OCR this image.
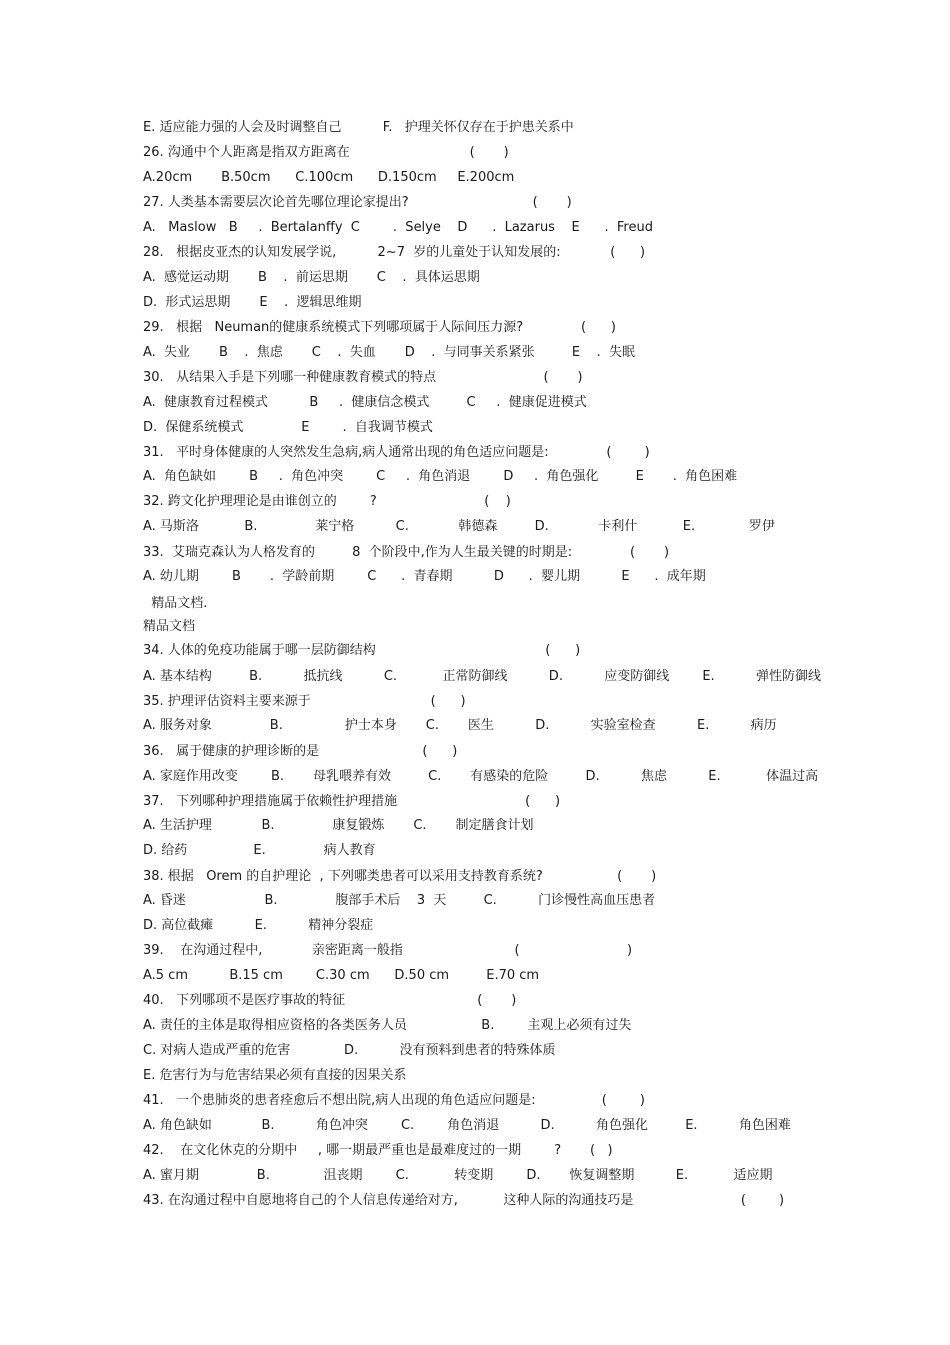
E. 适应能力强的人会及时调整自己          F.   护理关怀仅存在于护患关系中
26. 沟通中个人距离是指双方距离在                             (       )
A.20cm       B.50cm      C.100cm      D.150cm     E.200cm
27. 人类基本需要层次论首先哪位理论家提出?                              (       )
A.   Maslow   B     .  Bertalanffy  C        .  Selye    D      .  Lazarus    E      .  Freud
28.   根据皮亚杰的认知发展学说,          2~7  岁的儿童处于认知发展的:            (      )
A.  感觉运动期       B    .  前运思期       C    .  具体运思期
D.  形式运思期       E    .  逻辑思维期
29.   根据   Neuman的健康系统模式下列哪项属于人际间压力源?              (      )
A.  失业       B    .  焦虑       C    .  失血       D    .  与同事关系紧张         E    .  失眠
30.   从结果入手是下列哪一种健康教育模式的特点                          (       )
A.  健康教育过程模式          B     .  健康信念模式         C     .  健康促进模式
D.  保健系统模式              E        .  自我调节模式
31.   平时身体健康的人突然发生急病,病人通常出现的角色适应问题是:              (        )
A.  角色缺如        B     .  角色冲突        C     .  角色消退        D     .  角色强化         E       .  角色困难
32. 跨文化护理理论是由谁创立的        ?                          (    )
A. 马斯洛           B.              莱宁格          C.            韩德森         D.            卡利什           E.             罗伊
33.  艾瑞克森认为人格发育的         8  个阶段中,作为人生最关键的时期是:              (       )
A. 幼儿期        B       .  学龄前期        C      .  青春期          D      .  婴儿期          E      .  成年期
精品文档.
精品文档
34. 人体的免疫功能属于哪一层防御结构                                         (      )
A. 基本结构         B.          抵抗线          C.           正常防御线          D.          应变防御线        E.          弹性防御线
35. 护理评估资料主要来源于                             (      )
A. 服务对象              B.               护士本身       C.       医生          D.          实验室检查          E.          病历
36.   属于健康的护理诊断的是                         (      )
A. 家庭作用改变        B.       母乳喂养有效         C.       有感染的危险         D.          焦虑          E.           体温过高
37.   下列哪种护理措施属于依赖性护理措施                               (      )
A. 生活护理            B.              康复锻炼       C.       制定膳食计划
D. 给药                E.              病人教育
38. 根据   Orem 的自护理论  , 下列哪类患者可以采用支持教育系统?                  (       )
A. 昏迷                   B.              腹部手术后    3  天         C.          门诊慢性高血压患者
D. 高位截瘫          E.          精神分裂症
39.    在沟通过程中,            亲密距离一般指                           (                          )
A.5 cm          B.15 cm        C.30 cm      D.50 cm         E.70 cm
40.   下列哪项不是医疗事故的特征                                (       )
A. 责任的主体是取得相应资格的各类医务人员                  B.        主观上必须有过失
C. 对病人造成严重的危害             D.          没有预料到患者的特殊体质
E. 危害行为与危害结果必须有直接的因果关系
41.   一个患肺炎的患者痊愈后不想出院,病人出现的角色适应问题是:                (        )
A. 角色缺如            B.          角色冲突        C.        角色消退          D.          角色强化         E.          角色困难
42.    在文化休克的分期中     , 哪一期最严重也是最难度过的一期        ?       (   )
A. 蜜月期              B.             沮丧期        C.           转变期        D.       恢复调整期          E.           适应期
43. 在沟通过程中自愿地将自己的个人信息传递给对方,           这种人际的沟通技巧是                          (        )
